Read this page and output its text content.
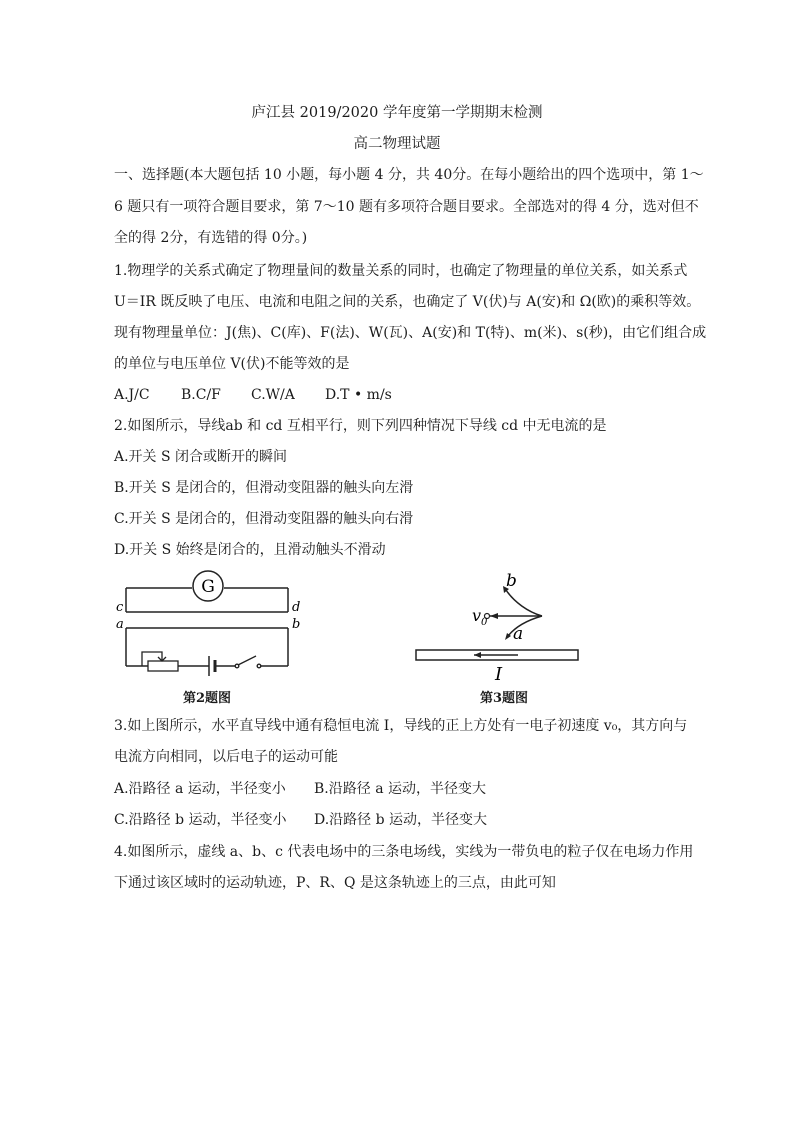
庐江县 2019/2020 学年度第一学期期末检测
高二物理试题
一、选择题(本大题包括 10 小题，每小题 4 分，共 40分。在每小题给出的四个选项中，第 1～
6 题只有一项符合题目要求，第 7～10 题有多项符合题目要求。全部选对的得 4 分，选对但不
全的得 2分，有选错的得 0分。)
1.物理学的关系式确定了物理量间的数量关系的同时，也确定了物理量的单位关系，如关系式
U＝IR 既反映了电压、电流和电阻之间的关系，也确定了 V(伏)与 A(安)和 Ω(欧)的乘积等效。
现有物理量单位：J(焦)、C(库)、F(法)、W(瓦)、A(安)和 T(特)、m(米)、s(秒)，由它们组合成
的单位与电压单位 V(伏)不能等效的是
A.J/C B.C/F C.W/A D.T • m/s
2.如图所示，导线ab 和 cd 互相平行，则下列四种情况下导线 cd 中无电流的是
A.开关 S 闭合或断开的瞬间
B.开关 S 是闭合的，但滑动变阻器的触头向左滑
C.开关 S 是闭合的，但滑动变阻器的触头向右滑
D.开关 S 始终是闭合的，且滑动触头不滑动
G
c	d
a	b
第2题图
b
$v_0$
a
I
第3题图
3.如上图所示，水平直导线中通有稳恒电流 I，导线的正上方处有一电子初速度 v₀，其方向与
电流方向相同，以后电子的运动可能
A.沿路径 a 运动，半径变小 B.沿路径 a 运动，半径变大
C.沿路径 b 运动，半径变小 D.沿路径 b 运动，半径变大
4.如图所示，虚线 a、b、c 代表电场中的三条电场线，实线为一带负电的粒子仅在电场力作用
下通过该区域时的运动轨迹，P、R、Q 是这条轨迹上的三点，由此可知
